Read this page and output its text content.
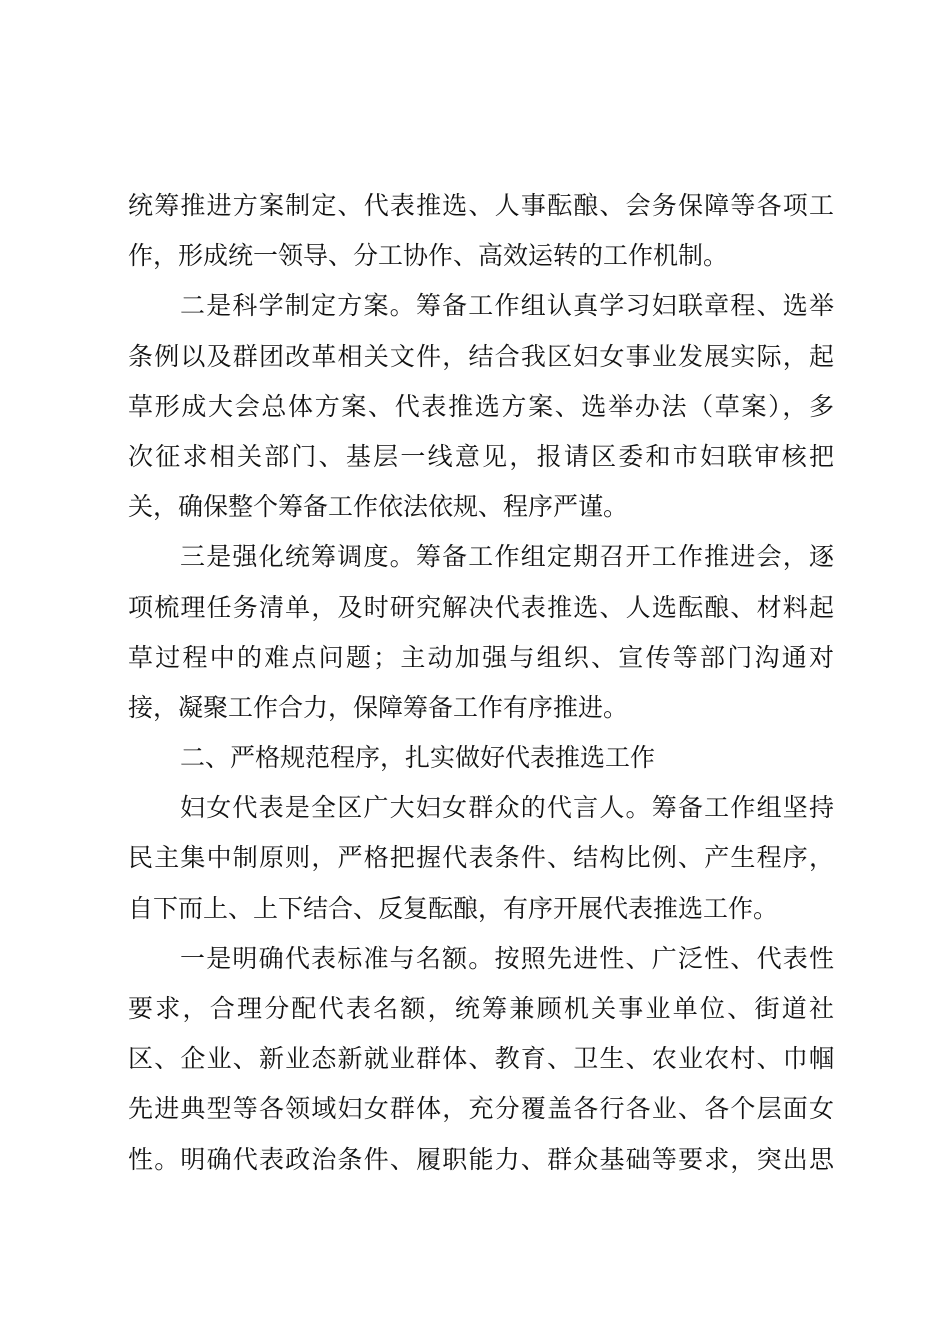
统筹推进方案制定、代表推选、人事酝酿、会务保障等各项工
作，形成统一领导、分工协作、高效运转的工作机制。
二是科学制定方案。筹备工作组认真学习妇联章程、选举
条例以及群团改革相关文件，结合我区妇女事业发展实际，起
草形成大会总体方案、代表推选方案、选举办法（草案），多
次征求相关部门、基层一线意见，报请区委和市妇联审核把
关，确保整个筹备工作依法依规、程序严谨。
三是强化统筹调度。筹备工作组定期召开工作推进会，逐
项梳理任务清单，及时研究解决代表推选、人选酝酿、材料起
草过程中的难点问题；主动加强与组织、宣传等部门沟通对
接，凝聚工作合力，保障筹备工作有序推进。
二、严格规范程序，扎实做好代表推选工作
妇女代表是全区广大妇女群众的代言人。筹备工作组坚持
民主集中制原则，严格把握代表条件、结构比例、产生程序，
自下而上、上下结合、反复酝酿，有序开展代表推选工作。
一是明确代表标准与名额。按照先进性、广泛性、代表性
要求，合理分配代表名额，统筹兼顾机关事业单位、街道社
区、企业、新业态新就业群体、教育、卫生、农业农村、巾帼
先进典型等各领域妇女群体，充分覆盖各行各业、各个层面女
性。明确代表政治条件、履职能力、群众基础等要求，突出思
